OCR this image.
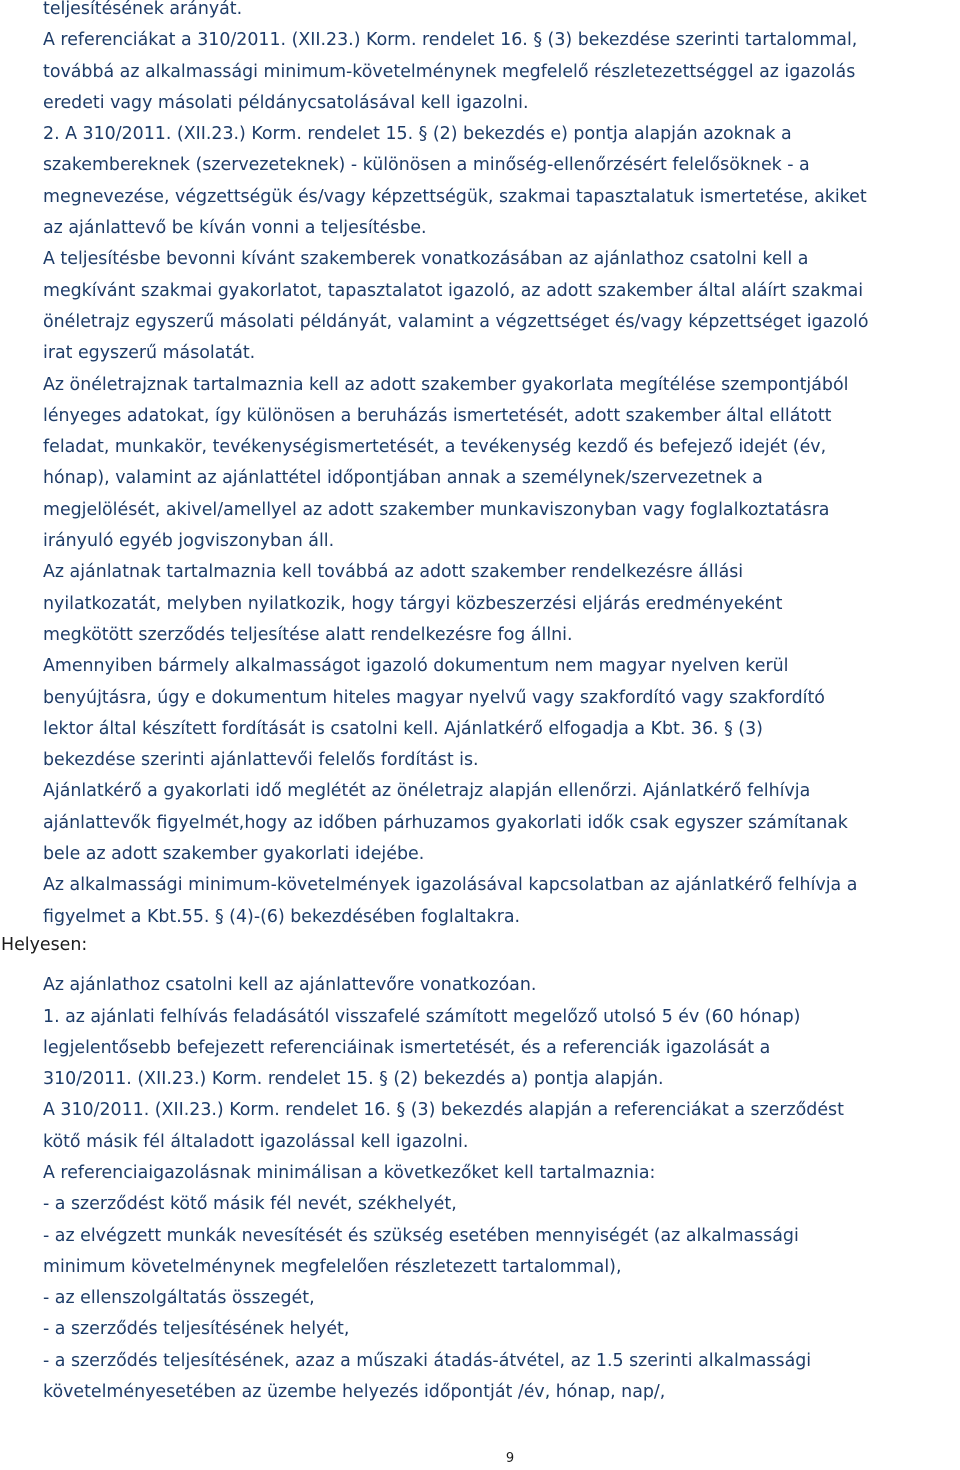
teljesítésének arányát.

A referenciákat a 310/2011. (XII.23.) Korm. rendelet 16. § (3) bekezdése szerinti tartalommal,

továbbá az alkalmassági minimum-követelménynek megfelelő részletezettséggel az igazolás

eredeti vagy másolati példánycsatolásával kell igazolni.

2. A 310/2011. (XII.23.) Korm. rendelet 15. § (2) bekezdés e) pontja alapján azoknak a

szakembereknek (szervezeteknek) - különösen a minőség-ellenőrzésért felelősöknek - a

megnevezése, végzettségük és/vagy képzettségük, szakmai tapasztalatuk ismertetése, akiket

az ajánlattevő be kíván vonni a teljesítésbe.

A teljesítésbe bevonni kívánt szakemberek vonatkozásában az ajánlathoz csatolni kell a

megkívánt szakmai gyakorlatot, tapasztalatot igazoló, az adott szakember által aláírt szakmai

önéletrajz egyszerű másolati példányát, valamint a végzettséget és/vagy képzettséget igazoló

irat egyszerű másolatát.

Az önéletrajznak tartalmaznia kell az adott szakember gyakorlata megítélése szempontjából

lényeges adatokat, így különösen a beruházás ismertetését, adott szakember által ellátott

feladat, munkakör, tevékenységismertetését, a tevékenység kezdő és befejező idejét (év,

hónap), valamint az ajánlattétel időpontjában annak a személynek/szervezetnek a

megjelölését, akivel/amellyel az adott szakember munkaviszonyban vagy foglalkoztatásra

irányuló egyéb jogviszonyban áll.

Az ajánlatnak tartalmaznia kell továbbá az adott szakember rendelkezésre állási

nyilatkozatát, melyben nyilatkozik, hogy tárgyi közbeszerzési eljárás eredményeként

megkötött szerződés teljesítése alatt rendelkezésre fog állni.

Amennyiben bármely alkalmasságot igazoló dokumentum nem magyar nyelven kerül

benyújtásra, úgy e dokumentum hiteles magyar nyelvű vagy szakfordító vagy szakfordító

lektor által készített fordítását is csatolni kell. Ajánlatkérő elfogadja a Kbt. 36. § (3)

bekezdése szerinti ajánlattevői felelős fordítást is.

Ajánlatkérő a gyakorlati idő meglétét az önéletrajz alapján ellenőrzi. Ajánlatkérő felhívja

ajánlattevők figyelmét,hogy az időben párhuzamos gyakorlati idők csak egyszer számítanak

bele az adott szakember gyakorlati idejébe.

Az alkalmassági minimum-követelmények igazolásával kapcsolatban az ajánlatkérő felhívja a

figyelmet a Kbt.55. § (4)-(6) bekezdésében foglaltakra.

Helyesen:

Az ajánlathoz csatolni kell az ajánlattevőre vonatkozóan.

1. az ajánlati felhívás feladásától visszafelé számított megelőző utolsó 5 év (60 hónap)

legjelentősebb befejezett referenciáinak ismertetését, és a referenciák igazolását a

310/2011. (XII.23.) Korm. rendelet 15. § (2) bekezdés a) pontja alapján.

A 310/2011. (XII.23.) Korm. rendelet 16. § (3) bekezdés alapján a referenciákat a szerződést

kötő másik fél általadott igazolással kell igazolni.

A referenciaigazolásnak minimálisan a következőket kell tartalmaznia:

- a szerződést kötő másik fél nevét, székhelyét,

- az elvégzett munkák nevesítését és szükség esetében mennyiségét (az alkalmassági

minimum követelménynek megfelelően részletezett tartalommal),

- az ellenszolgáltatás összegét,

- a szerződés teljesítésének helyét,

- a szerződés teljesítésének, azaz a műszaki átadás-átvétel, az 1.5 szerinti alkalmassági

követelményesetében az üzembe helyezés időpontját /év, hónap, nap/,

9
